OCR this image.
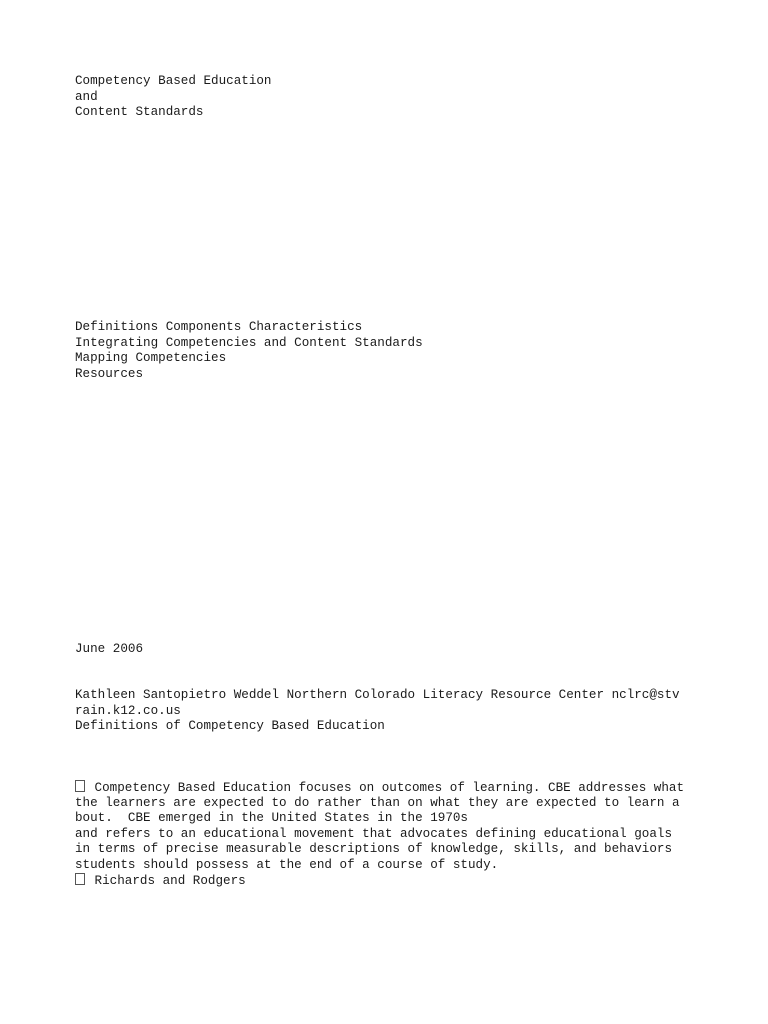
Competency Based Education
and
Content Standards
Definitions Components Characteristics
Integrating Competencies and Content Standards
Mapping Competencies
Resources
June 2006
Kathleen Santopietro Weddel Northern Colorado Literacy Resource Center nclrc@stv
rain.k12.co.us
Definitions of Competency Based Education
Competency Based Education focuses on outcomes of learning. CBE addresses what
the learners are expected to do rather than on what they are expected to learn a
bout.  CBE emerged in the United States in the 1970s
and refers to an educational movement that advocates defining educational goals
in terms of precise measurable descriptions of knowledge, skills, and behaviors
students should possess at the end of a course of study.
Richards and Rodgers
